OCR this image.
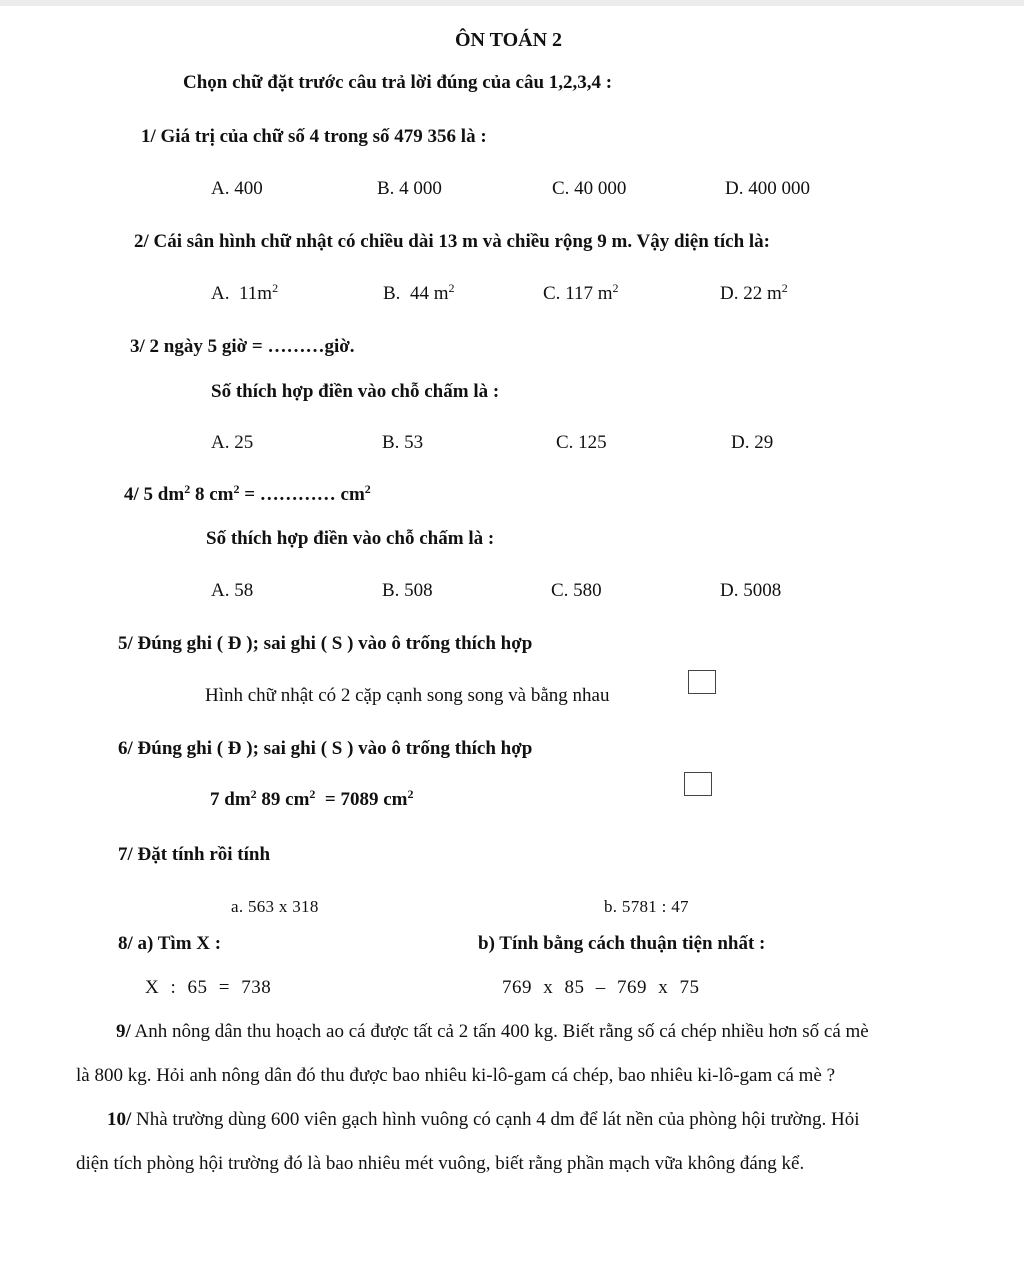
ÔN TOÁN 2
Chọn chữ đặt trước câu trả lời đúng của câu 1,2,3,4 :
1/ Giá trị của chữ số 4 trong số 479 356 là :
A. 400	B. 4 000	C. 40 000	D. 400 000
2/ Cái sân hình chữ nhật có chiều dài 13 m và chiều rộng 9 m. Vậy diện tích là:
A. $11m^2$	B. 44 $m^2$	C. 117 $m^2$	D. 22 $m^2$
3/ 2 ngày 5 giờ = ………giờ.
Số thích hợp điền vào chỗ chấm là :
A. 25	B. 53	C. 125	D. 29
4/ 5 $dm^2$ 8 $cm^2$ = ………… $cm^2$
Số thích hợp điền vào chỗ chấm là :
A. 58	B. 508	C. 580	D. 5008
5/ Đúng ghi ( Đ ); sai ghi ( S ) vào ô trống thích hợp
Hình chữ nhật có 2 cặp cạnh song song và bằng nhau
6/ Đúng ghi ( Đ ); sai ghi ( S ) vào ô trống thích hợp
7 $dm^2$ 89 $cm^2 = 7089$ $cm^2$
7/ Đặt tính rồi tính
a. 563 x 318	b. 5781 : 47
8/ a) Tìm X :	b) Tính bằng cách thuận tiện nhất :
X : 65 = 738	769 x 85 – 769 x 75
9/ Anh nông dân thu hoạch ao cá được tất cả 2 tấn 400 kg. Biết rằng số cá chép nhiều hơn số cá mè
là 800 kg. Hỏi anh nông dân đó thu được bao nhiêu ki-lô-gam cá chép, bao nhiêu ki-lô-gam cá mè ?
10/ Nhà trường dùng 600 viên gạch hình vuông có cạnh 4 dm để lát nền của phòng hội trường. Hỏi
diện tích phòng hội trường đó là bao nhiêu mét vuông, biết rằng phần mạch vữa không đáng kể.
